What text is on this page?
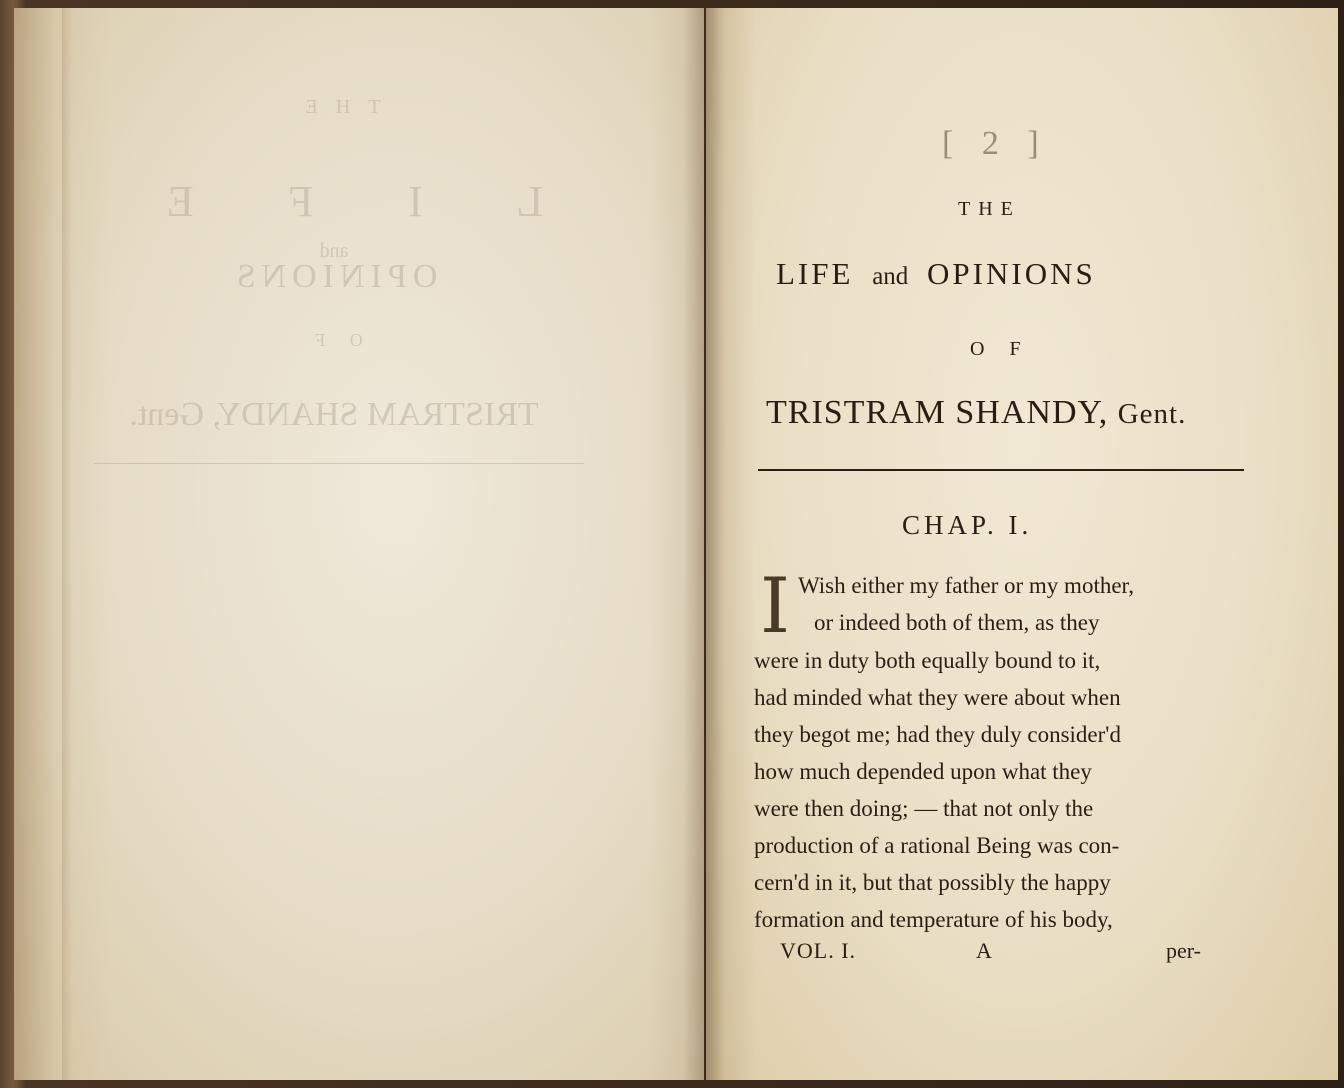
THE
L I F E
and
OPINIONS
O F
TRISTRAM SHANDY, Gent.
[ 2 ]
THE
LIFE and OPINIONS
O F
TRISTRAM SHANDY, Gent.
CHAP. I.
I Wish either my father or my mother,
or indeed both of them, as they
were in duty both equally bound to it,
had minded what they were about when
they begot me; had they duly consider'd
how much depended upon what they
were then doing; — that not only the
production of a rational Being was con-
cern'd in it, but that possibly the happy
formation and temperature of his body,
VOL. I.	A	per-
